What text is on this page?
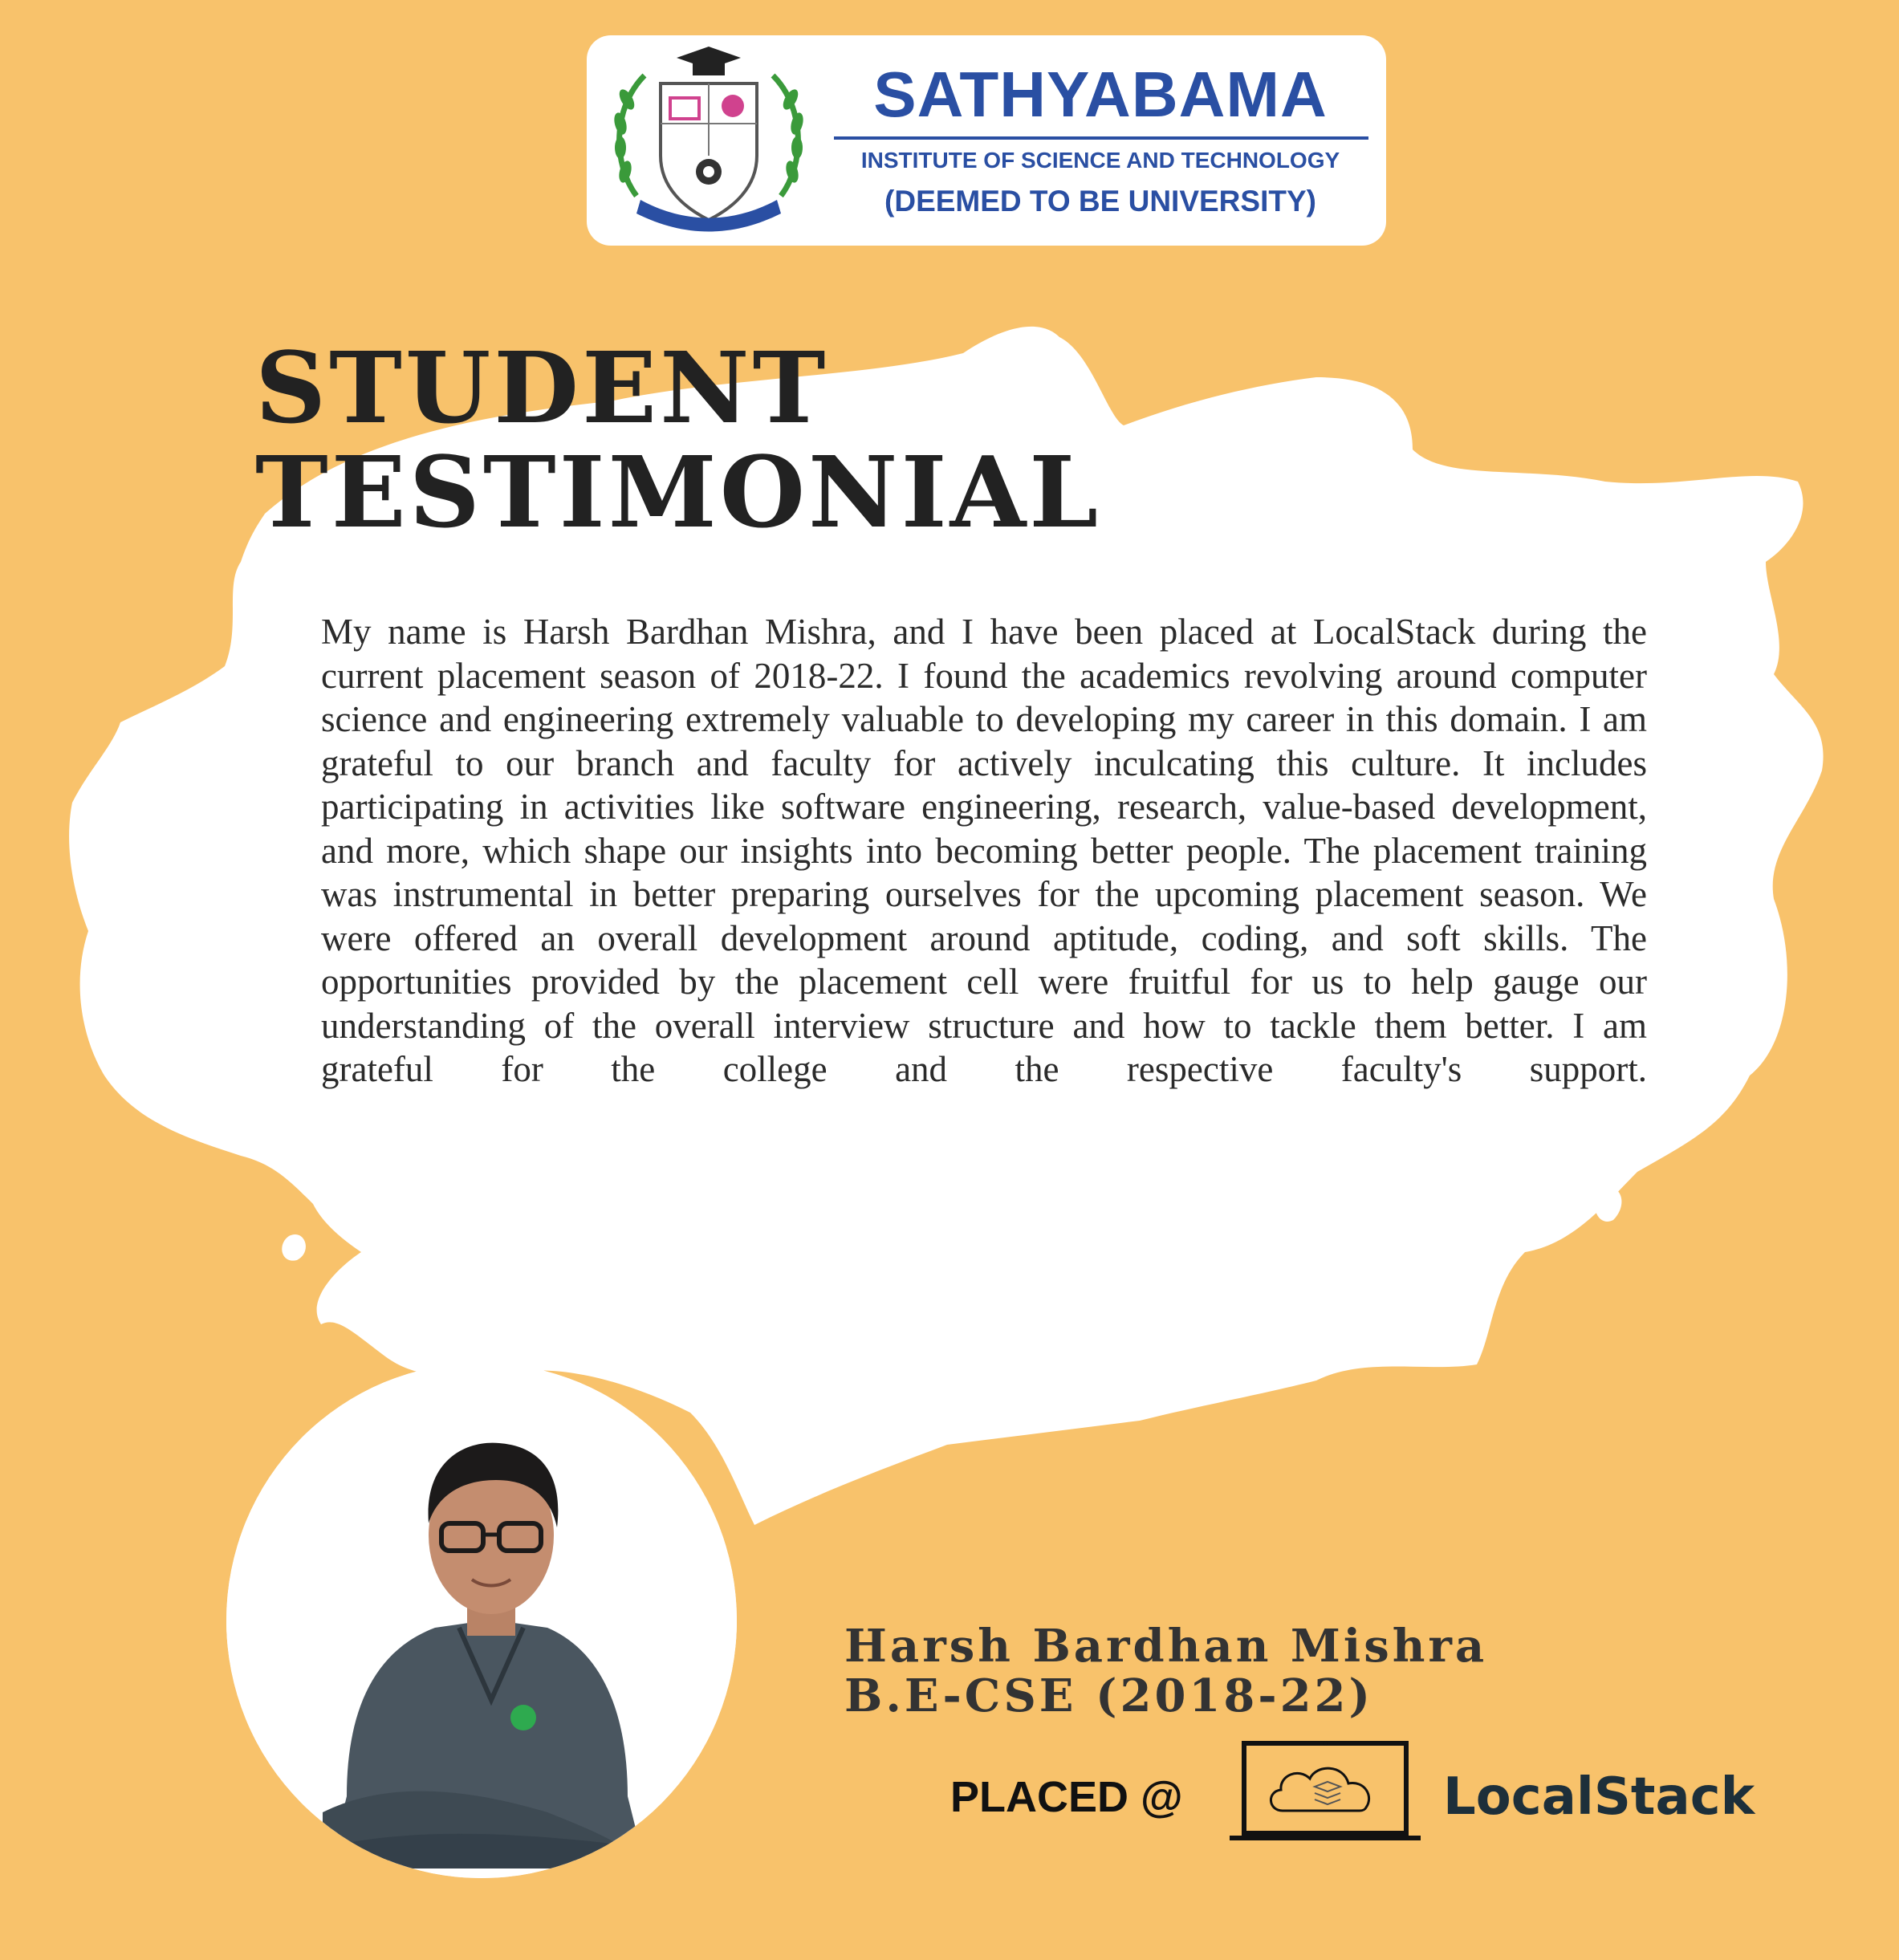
SATHYABAMA
INSTITUTE OF SCIENCE AND TECHNOLOGY
(DEEMED TO BE UNIVERSITY)
STUDENT
TESTIMONIAL
My name is Harsh Bardhan Mishra, and I have been placed at LocalStack during the current placement season of 2018-22. I found the academics revolving around computer science and engineering extremely valuable to developing my career in this domain. I am grateful to our branch and faculty for actively inculcating this culture. It includes participating in activities like software engineering, research, value-based development, and more, which shape our insights into becoming better people. The placement training was instrumental in better preparing ourselves for the upcoming placement season. We were offered an overall development around aptitude, coding, and soft skills. The opportunities provided by the placement cell were fruitful for us to help gauge our understanding of the overall interview structure and how to tackle them better. I am grateful for the college and the respective faculty's support.
Harsh Bardhan Mishra
B.E-CSE (2018-22)
PLACED @	LocalStack
